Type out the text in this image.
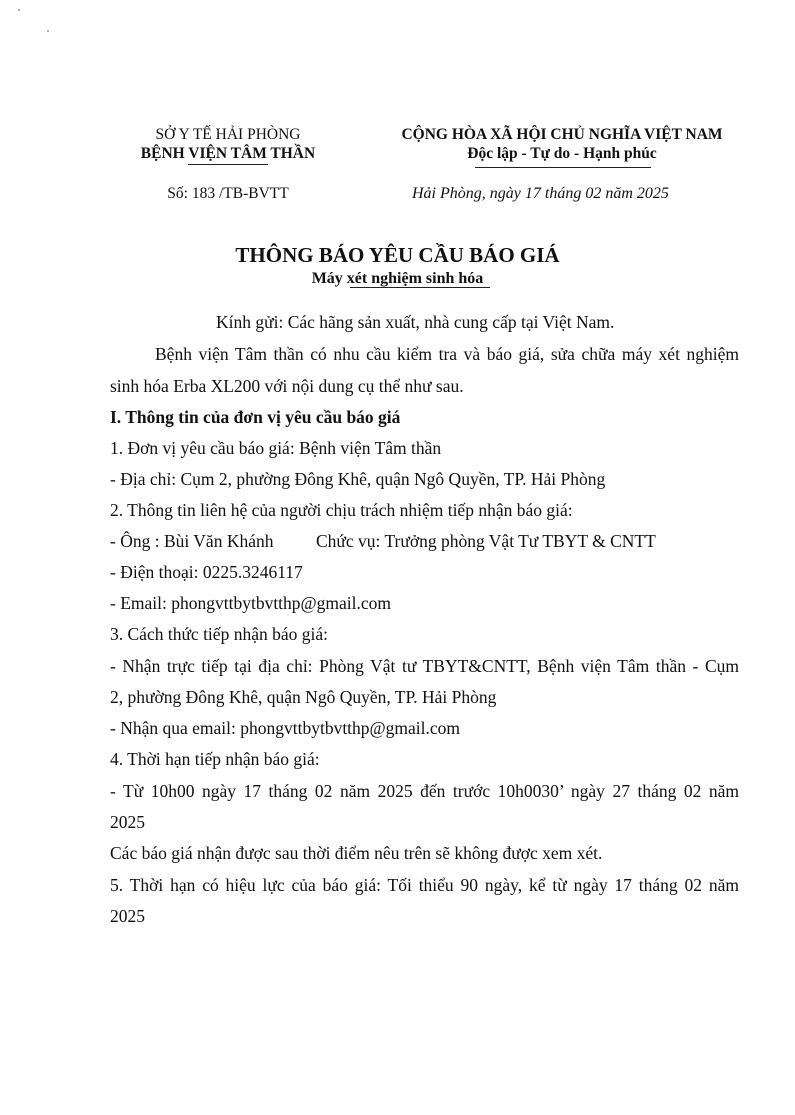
SỞ Y TẾ HẢI PHÒNG
BỆNH VIỆN TÂM THẦN
Số: 183 /TB-BVTT
CỘNG HÒA XÃ HỘI CHỦ NGHĨA VIỆT NAM
Độc lập - Tự do - Hạnh phúc
Hải Phòng, ngày 17 tháng 02 năm 2025
THÔNG BÁO YÊU CẦU BÁO GIÁ
Máy xét nghiệm sinh hóa
Kính gửi: Các hãng sản xuất, nhà cung cấp tại Việt Nam.
Bệnh viện Tâm thần có nhu cầu kiểm tra và báo giá, sửa chữa máy xét nghiệm
sinh hóa Erba XL200 với nội dung cụ thể như sau.
I. Thông tin của đơn vị yêu cầu báo giá
1. Đơn vị yêu cầu báo giá: Bệnh viện Tâm thần
- Địa chỉ: Cụm 2, phường Đông Khê, quận Ngô Quyền, TP. Hải Phòng
2. Thông tin liên hệ của người chịu trách nhiệm tiếp nhận báo giá:
- Ông : Bùi Văn Khánh Chức vụ: Trưởng phòng Vật Tư TBYT & CNTT
- Điện thoại: 0225.3246117
- Email: phongvttbytbvtthp@gmail.com
3. Cách thức tiếp nhận báo giá:
- Nhận trực tiếp tại địa chỉ: Phòng Vật tư TBYT&CNTT, Bệnh viện Tâm thần - Cụm
2, phường Đông Khê, quận Ngô Quyền, TP. Hải Phòng
- Nhận qua email: phongvttbytbvtthp@gmail.com
4. Thời hạn tiếp nhận báo giá:
- Từ 10h00 ngày 17 tháng 02 năm 2025 đến trước 10h0030’ ngày 27 tháng 02 năm
2025
Các báo giá nhận được sau thời điểm nêu trên sẽ không được xem xét.
5. Thời hạn có hiệu lực của báo giá: Tối thiểu 90 ngày, kể từ ngày 17 tháng 02 năm
2025
